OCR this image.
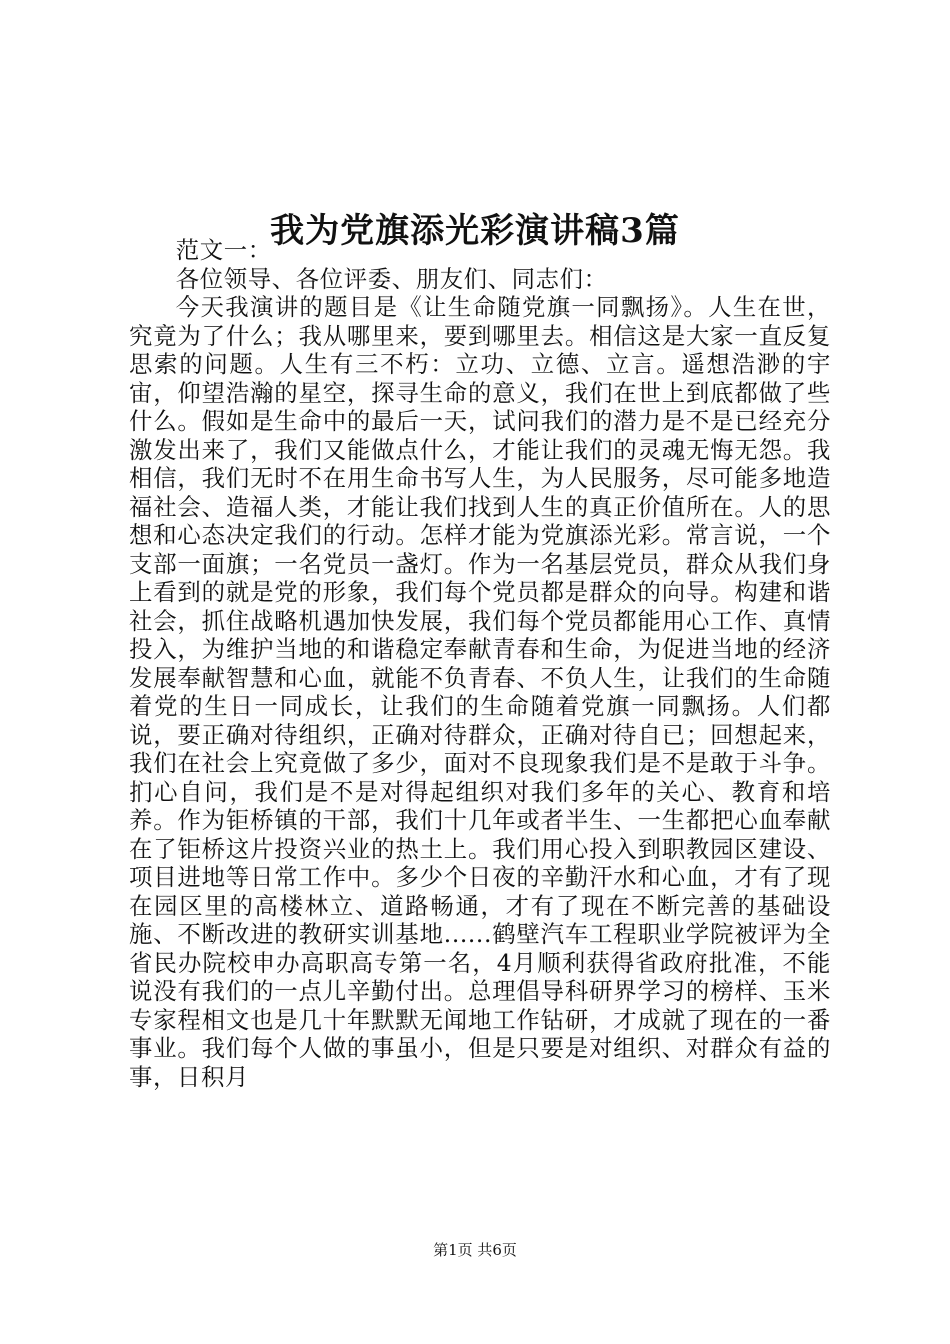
我为党旗添光彩演讲稿3篇

范文一：

各位领导、各位评委、朋友们、同志们：

今天我演讲的题目是《让生命随党旗一同飘扬》。人生在世，究竟为了什么；我从哪里来，要到哪里去。相信这是大家一直反复思索的问题。人生有三不朽：立功、立德、立言。遥想浩渺的宇宙，仰望浩瀚的星空，探寻生命的意义，我们在世上到底都做了些什么。假如是生命中的最后一天，试问我们的潜力是不是已经充分激发出来了，我们又能做点什么，才能让我们的灵魂无悔无怨。我相信，我们无时不在用生命书写人生，为人民服务，尽可能多地造福社会、造福人类，才能让我们找到人生的真正价值所在。人的思想和心态决定我们的行动。怎样才能为党旗添光彩。常言说，一个支部一面旗；一名党员一盏灯。作为一名基层党员，群众从我们身上看到的就是党的形象，我们每个党员都是群众的向导。构建和谐社会，抓住战略机遇加快发展，我们每个党员都能用心工作、真情投入，为维护当地的和谐稳定奉献青春和生命，为促进当地的经济发展奉献智慧和心血，就能不负青春、不负人生，让我们的生命随着党的生日一同成长，让我们的生命随着党旗一同飘扬。人们都说，要正确对待组织，正确对待群众，正确对待自已；回想起来，我们在社会上究竟做了多少，面对不良现象我们是不是敢于斗争。扪心自问，我们是不是对得起组织对我们多年的关心、教育和培养。作为钜桥镇的干部，我们十几年或者半生、一生都把心血奉献在了钜桥这片投资兴业的热土上。我们用心投入到职教园区建设、项目进地等日常工作中。多少个日夜的辛勤汗水和心血，才有了现在园区里的高楼林立、道路畅通，才有了现在不断完善的基础设施、不断改进的教研实训基地......鹤壁汽车工程职业学院被评为全省民办院校申办高职高专第一名，4月顺利获得省政府批准，不能说没有我们的一点儿辛勤付出。总理倡导科研界学习的榜样、玉米专家程相文也是几十年默默无闻地工作钻研，才成就了现在的一番事业。我们每个人做的事虽小，但是只要是对组织、对群众有益的事，日积月

第1页 共6页
